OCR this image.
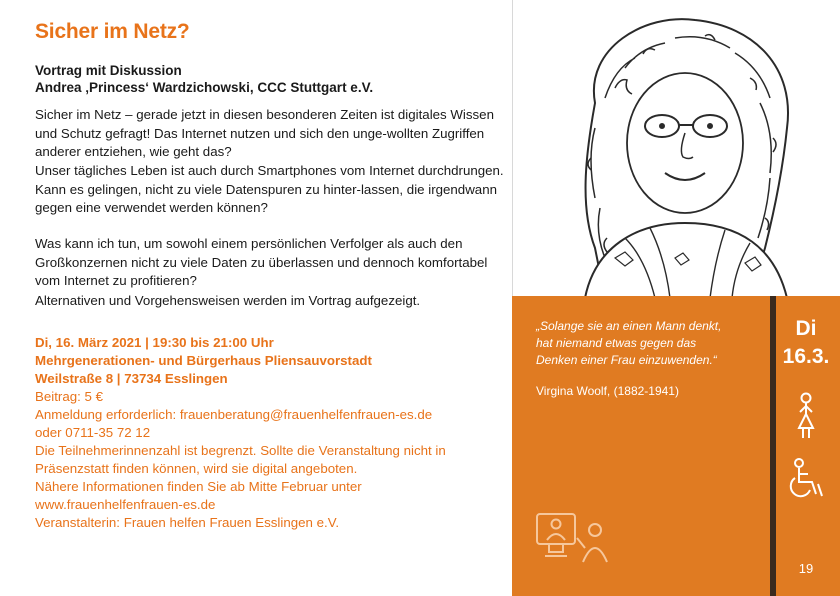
Sicher im Netz?
Vortrag mit Diskussion
Andrea ‚Princess‘ Wardzichowski, CCC Stuttgart e.V.
Sicher im Netz – gerade jetzt in diesen besonderen Zeiten ist digitales Wissen und Schutz gefragt! Das Internet nutzen und sich den unge-wollten Zugriffen anderer entziehen, wie geht das?
Unser tägliches Leben ist auch durch Smartphones vom Internet durchdrungen. Kann es gelingen, nicht zu viele Datenspuren zu hinter-lassen, die irgendwann gegen eine verwendet werden können?
Was kann ich tun, um sowohl einem persönlichen Verfolger als auch den Großkonzernen nicht zu viele Daten zu überlassen und dennoch komfortabel vom Internet zu profitieren?
Alternativen und Vorgehensweisen werden im Vortrag aufgezeigt.
Di, 16. März 2021 | 19:30 bis 21:00 Uhr
Mehrgenerationen- und Bürgerhaus Pliensauvorstadt
Weilstraße 8 | 73734 Esslingen
Beitrag: 5 €
Anmeldung erforderlich: frauenberatung@frauenhelfenfrauen-es.de
oder 0711-35 72 12
Die Teilnehmerinnenzahl ist begrenzt. Sollte die Veranstaltung nicht in
Präsenzstatt finden können, wird sie digital angeboten.
Nähere Informationen finden Sie ab Mitte Februar unter
www.frauenhelfenfrauen-es.de
Veranstalterin: Frauen helfen Frauen Esslingen e.V.
„Solange sie an einen Mann denkt,
hat niemand etwas gegen das
Denken einer Frau einzuwenden.“
Virgina Woolf, (1882-1941)
Di
16.3.
19
